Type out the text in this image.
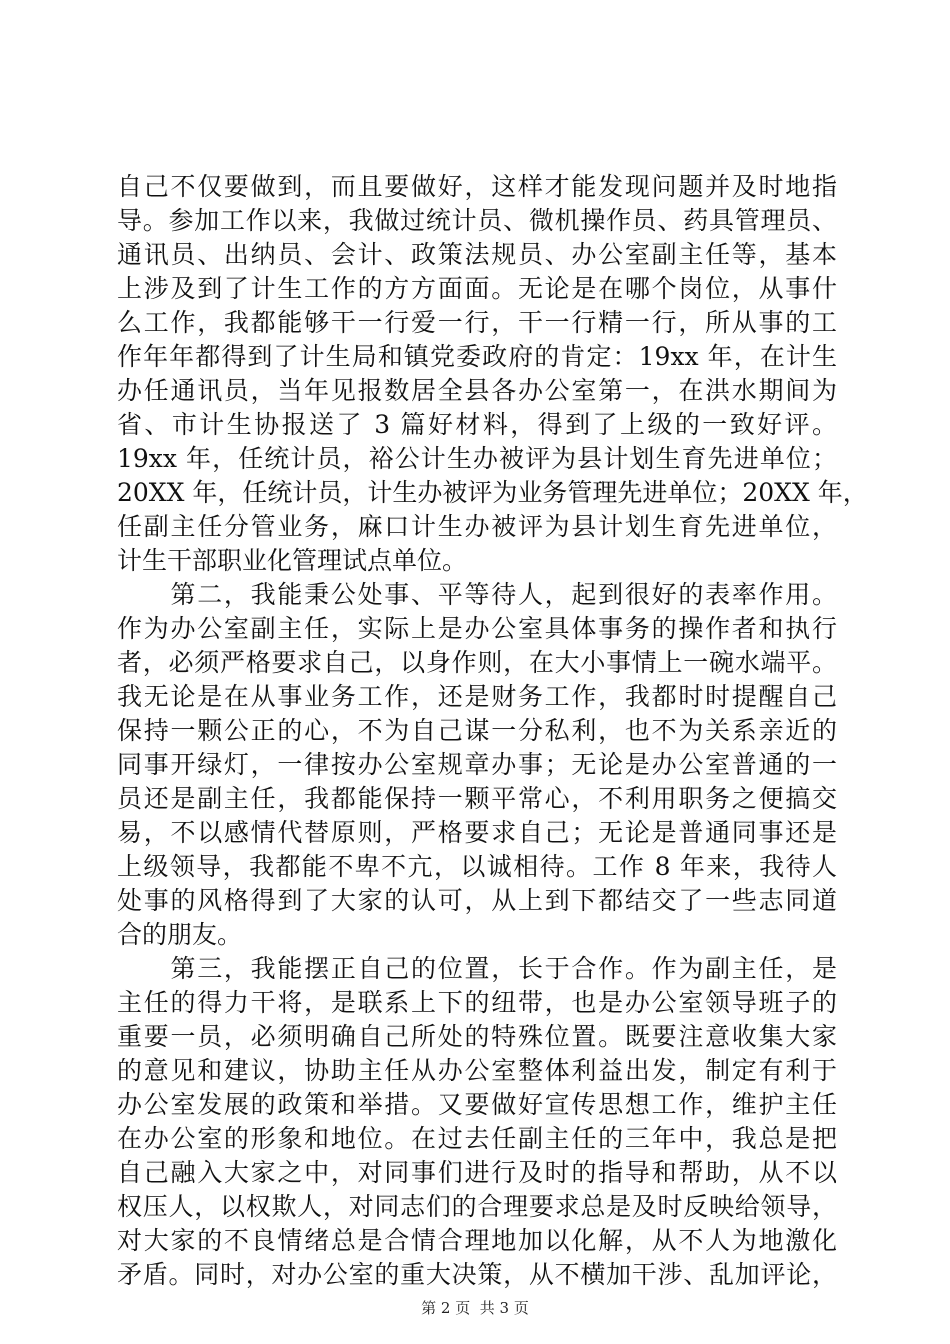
自己不仅要做到，而且要做好，这样才能发现问题并及时地指
导。参加工作以来，我做过统计员、微机操作员、药具管理员、
通讯员、出纳员、会计、政策法规员、办公室副主任等，基本
上涉及到了计生工作的方方面面。无论是在哪个岗位，从事什
么工作，我都能够干一行爱一行，干一行精一行，所从事的工
作年年都得到了计生局和镇党委政府的肯定：19xx 年，在计生
办任通讯员，当年见报数居全县各办公室第一，在洪水期间为
省、市计生协报送了 3 篇好材料，得到了上级的一致好评。
19xx 年，任统计员，裕公计生办被评为县计划生育先进单位；
20XX 年，任统计员，计生办被评为业务管理先进单位；20XX 年，
任副主任分管业务，麻口计生办被评为县计划生育先进单位，
计生干部职业化管理试点单位。
　　第二，我能秉公处事、平等待人，起到很好的表率作用。
作为办公室副主任，实际上是办公室具体事务的操作者和执行
者，必须严格要求自己，以身作则，在大小事情上一碗水端平。
我无论是在从事业务工作，还是财务工作，我都时时提醒自己
保持一颗公正的心，不为自己谋一分私利，也不为关系亲近的
同事开绿灯，一律按办公室规章办事；无论是办公室普通的一
员还是副主任，我都能保持一颗平常心，不利用职务之便搞交
易，不以感情代替原则，严格要求自己；无论是普通同事还是
上级领导，我都能不卑不亢，以诚相待。工作 8 年来，我待人
处事的风格得到了大家的认可，从上到下都结交了一些志同道
合的朋友。
　　第三，我能摆正自己的位置，长于合作。作为副主任，是
主任的得力干将，是联系上下的纽带，也是办公室领导班子的
重要一员，必须明确自己所处的特殊位置。既要注意收集大家
的意见和建议，协助主任从办公室整体利益出发，制定有利于
办公室发展的政策和举措。又要做好宣传思想工作，维护主任
在办公室的形象和地位。在过去任副主任的三年中，我总是把
自己融入大家之中，对同事们进行及时的指导和帮助，从不以
权压人，以权欺人，对同志们的合理要求总是及时反映给领导，
对大家的不良情绪总是合情合理地加以化解，从不人为地激化
矛盾。同时，对办公室的重大决策，从不横加干涉、乱加评论，
第 2 页  共 3 页
